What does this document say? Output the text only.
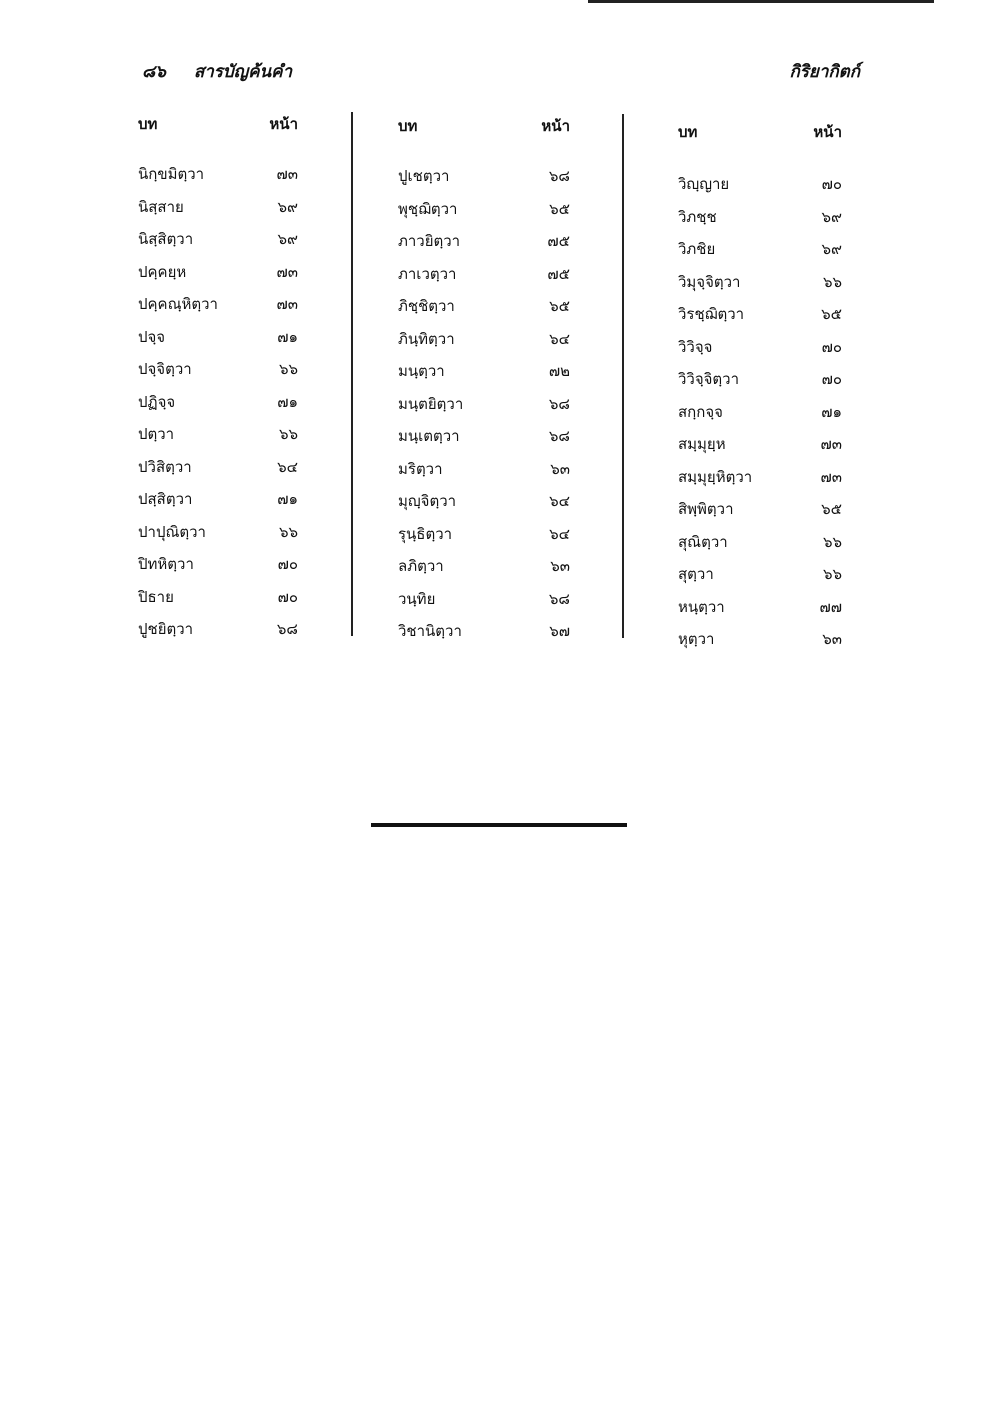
๘๖ สารบัญค้นคำ	กิริยากิตก์
บท	หน้า
นิกฺขมิตฺวา	๗๓
นิสฺสาย	๖๙
นิสฺสิตฺวา	๖๙
ปคฺคยฺห	๗๓
ปคฺคณฺหิตฺวา	๗๓
ปจฺจ	๗๑
ปจฺจิตฺวา	๖๖
ปฏิจฺจ	๗๑
ปตฺวา	๖๖
ปวิสิตฺวา	๖๔
ปสฺสิตฺวา	๗๑
ปาปุณิตฺวา	๖๖
ปิทหิตฺวา	๗๐
ปิธาย	๗๐
ปูชยิตฺวา	๖๘
บท	หน้า
ปูเชตฺวา	๖๘
พุชฺฌิตฺวา	๖๕
ภาวยิตฺวา	๗๕
ภาเวตฺวา	๗๕
ภิชฺชิตฺวา	๖๕
ภินฺทิตฺวา	๖๔
มนฺตฺวา	๗๒
มนฺตยิตฺวา	๖๘
มนฺเตตฺวา	๖๘
มริตฺวา	๖๓
มุญฺจิตฺวา	๖๔
รุนฺธิตฺวา	๖๔
ลภิตฺวา	๖๓
วนฺทิย	๖๘
วิชานิตฺวา	๖๗
บท	หน้า
วิญฺญาย	๗๐
วิภชฺช	๖๙
วิภชิย	๖๙
วิมุจฺจิตฺวา	๖๖
วิรชฺฌิตฺวา	๖๕
วิวิจฺจ	๗๐
วิวิจฺจิตฺวา	๗๐
สกฺกจฺจ	๗๑
สมฺมุยฺห	๗๓
สมฺมุยฺหิตฺวา	๗๓
สิพฺพิตฺวา	๖๕
สุณิตฺวา	๖๖
สุตฺวา	๖๖
หนฺตฺวา	๗๗
หุตฺวา	๖๓
